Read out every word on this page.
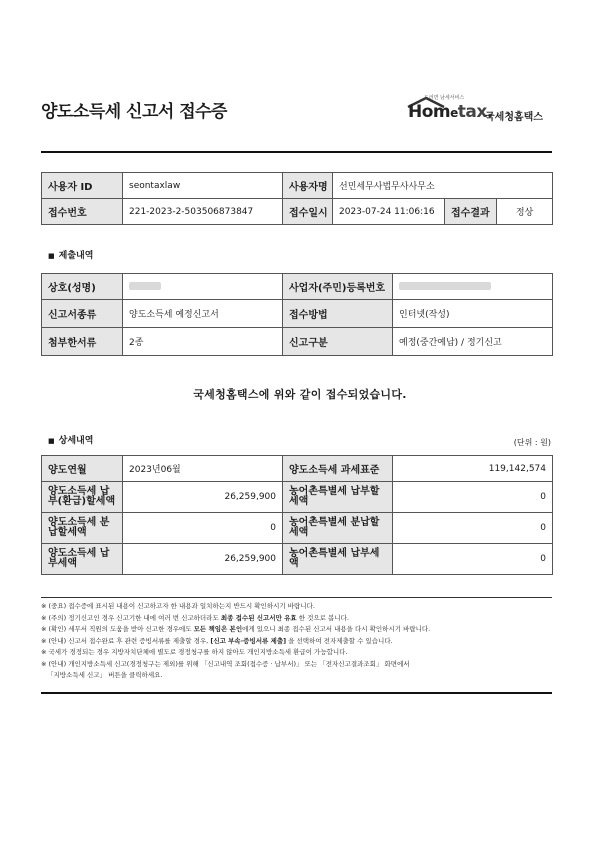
양도소득세 신고서 접수증
드러면 남세서비스
Hometax.
국세청홈택스
사용자 ID	seontaxlaw	사용자명	선민세무사법무사사무소		
접수번호	221-2023-2-503506873847	접수일시	2023-07-24 11:06:16	접수결과	정상
■ 제출내역
상호(성명)		사업자(주민)등록번호	
신고서종류	양도소득세 예정신고서	접수방법	인터넷(작성)
첨부한서류	2종	신고구분	예정(중간예납) / 정기신고
국세청홈택스에 위와 같이 접수되었습니다.
■ 상세내역	(단위 : 원)
양도연월	2023년06월	양도소득세 과세표준	119,142,574
양도소득세 납부(환급)할세액	26,259,900	농어촌특별세 납부할세액	0
양도소득세 분납할세액	0	농어촌특별세 분납할세액	0
양도소득세 납부세액	26,259,900	농어촌특별세 납부세액	0
※ (중요) 접수증에 표시된 내용이 신고하고자 한 내용과 일치하는지 반드시 확인하시기 바랍니다.
※ (주의) 정기신고인 경우 신고기한 내에 여러 번 신고하더라도 최종 접수된 신고서만 유효 한 것으로 봅니다.
※ (확인) 세무서 직원의 도움을 받아 신고한 경우에도 모든 책임은 본인에게 있으니 최종 접수된 신고서 내용을 다시 확인하시기 바랍니다.
※ (안내) 신고서 접수완료 후 관련 증빙서류를 제출할 경우, [신고 부속·증빙서류 제출] 을 선택하여 전자제출할 수 있습니다.
※ 국세가 경정되는 경우 지방자치단체에 별도로 경정청구를 하지 않아도 개인지방소득세 환급이 가능합니다.
※ (안내) 개인지방소득세 신고(경정청구는 제외)를 위해 「신고내역 조회(접수증 · 납부서)」 또는 「전자신고결과조회」 화면에서
「지방소득세 신고」 버튼을 클릭하세요.
